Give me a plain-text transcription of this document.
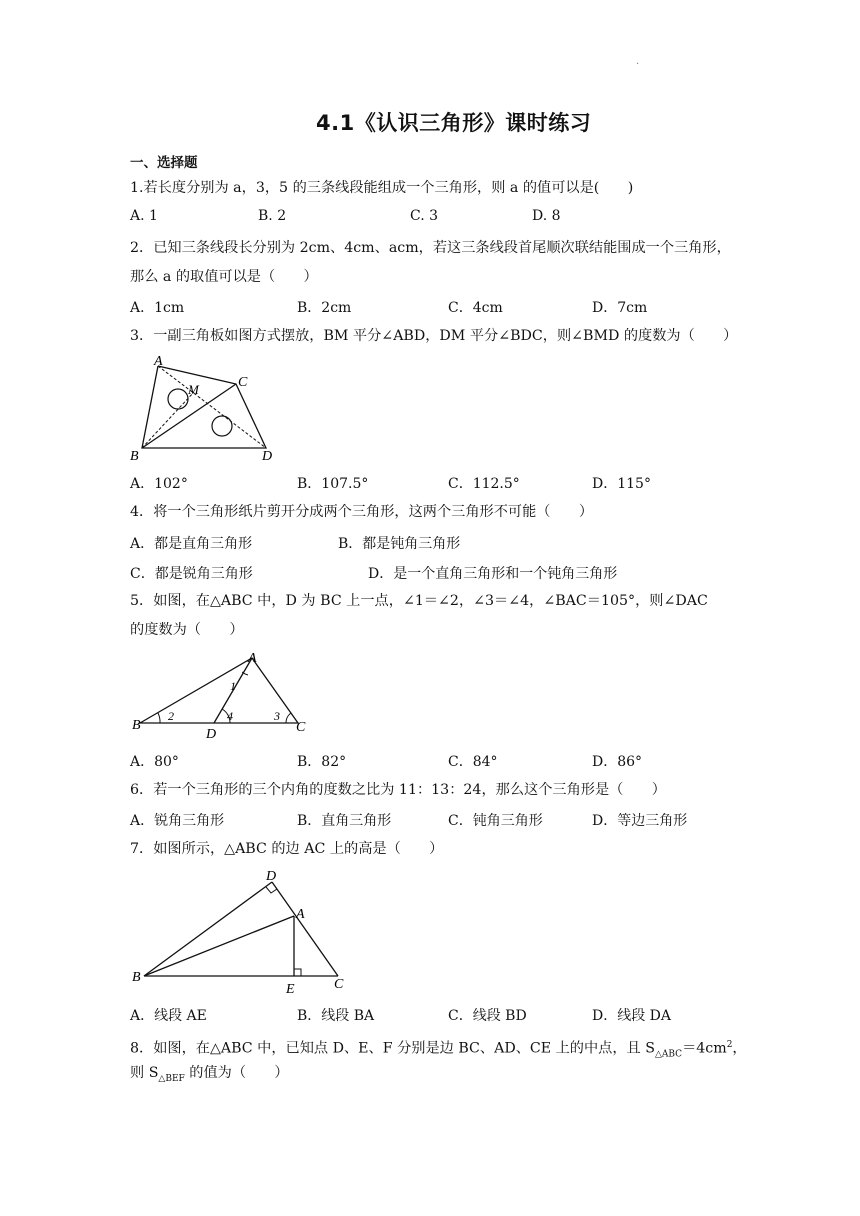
.
4.1《认识三角形》课时练习
一、选择题
1.若长度分别为 a，3，5 的三条线段能组成一个三角形，则 a 的值可以是(　　)
A. 1	B. 2	C. 3	D. 8
2．已知三条线段长分别为 2cm、4cm、acm，若这三条线段首尾顺次联结能围成一个三角形，
那么 a 的取值可以是（　　）
A．1cm	B．2cm	C．4cm	D．7cm
3．一副三角板如图方式摆放，BM 平分∠ABD，DM 平分∠BDC，则∠BMD 的度数为（　　）
A
C
M
B	D
A．102°	B．107.5°	C．112.5°	D．115°
4．将一个三角形纸片剪开分成两个三角形，这两个三角形不可能（　　）
A．都是直角三角形	B．都是钝角三角形
C．都是锐角三角形	D．是一个直角三角形和一个钝角三角形
5．如图，在△ABC 中，D 为 BC 上一点，∠1＝∠2，∠3＝∠4，∠BAC＝105°，则∠DAC
的度数为（　　）
A
B
D	C
1
2	3
4
A．80°	B．82°	C．84°	D．86°
6．若一个三角形的三个内角的度数之比为 11：13：24，那么这个三角形是（　　）
A．锐角三角形	B．直角三角形	C．钝角三角形	D．等边三角形
7．如图所示，△ABC 的边 AC 上的高是（　　）
D
A
B
E	C
A．线段 AE	B．线段 BA	C．线段 BD	D．线段 DA
8．如图，在△ABC 中，已知点 D、E、F 分别是边 BC、AD、CE 上的中点，且 $S_{\triangle ABC}=4cm^2$，
则 $S_{\triangle BEF}$ 的值为（　　）
